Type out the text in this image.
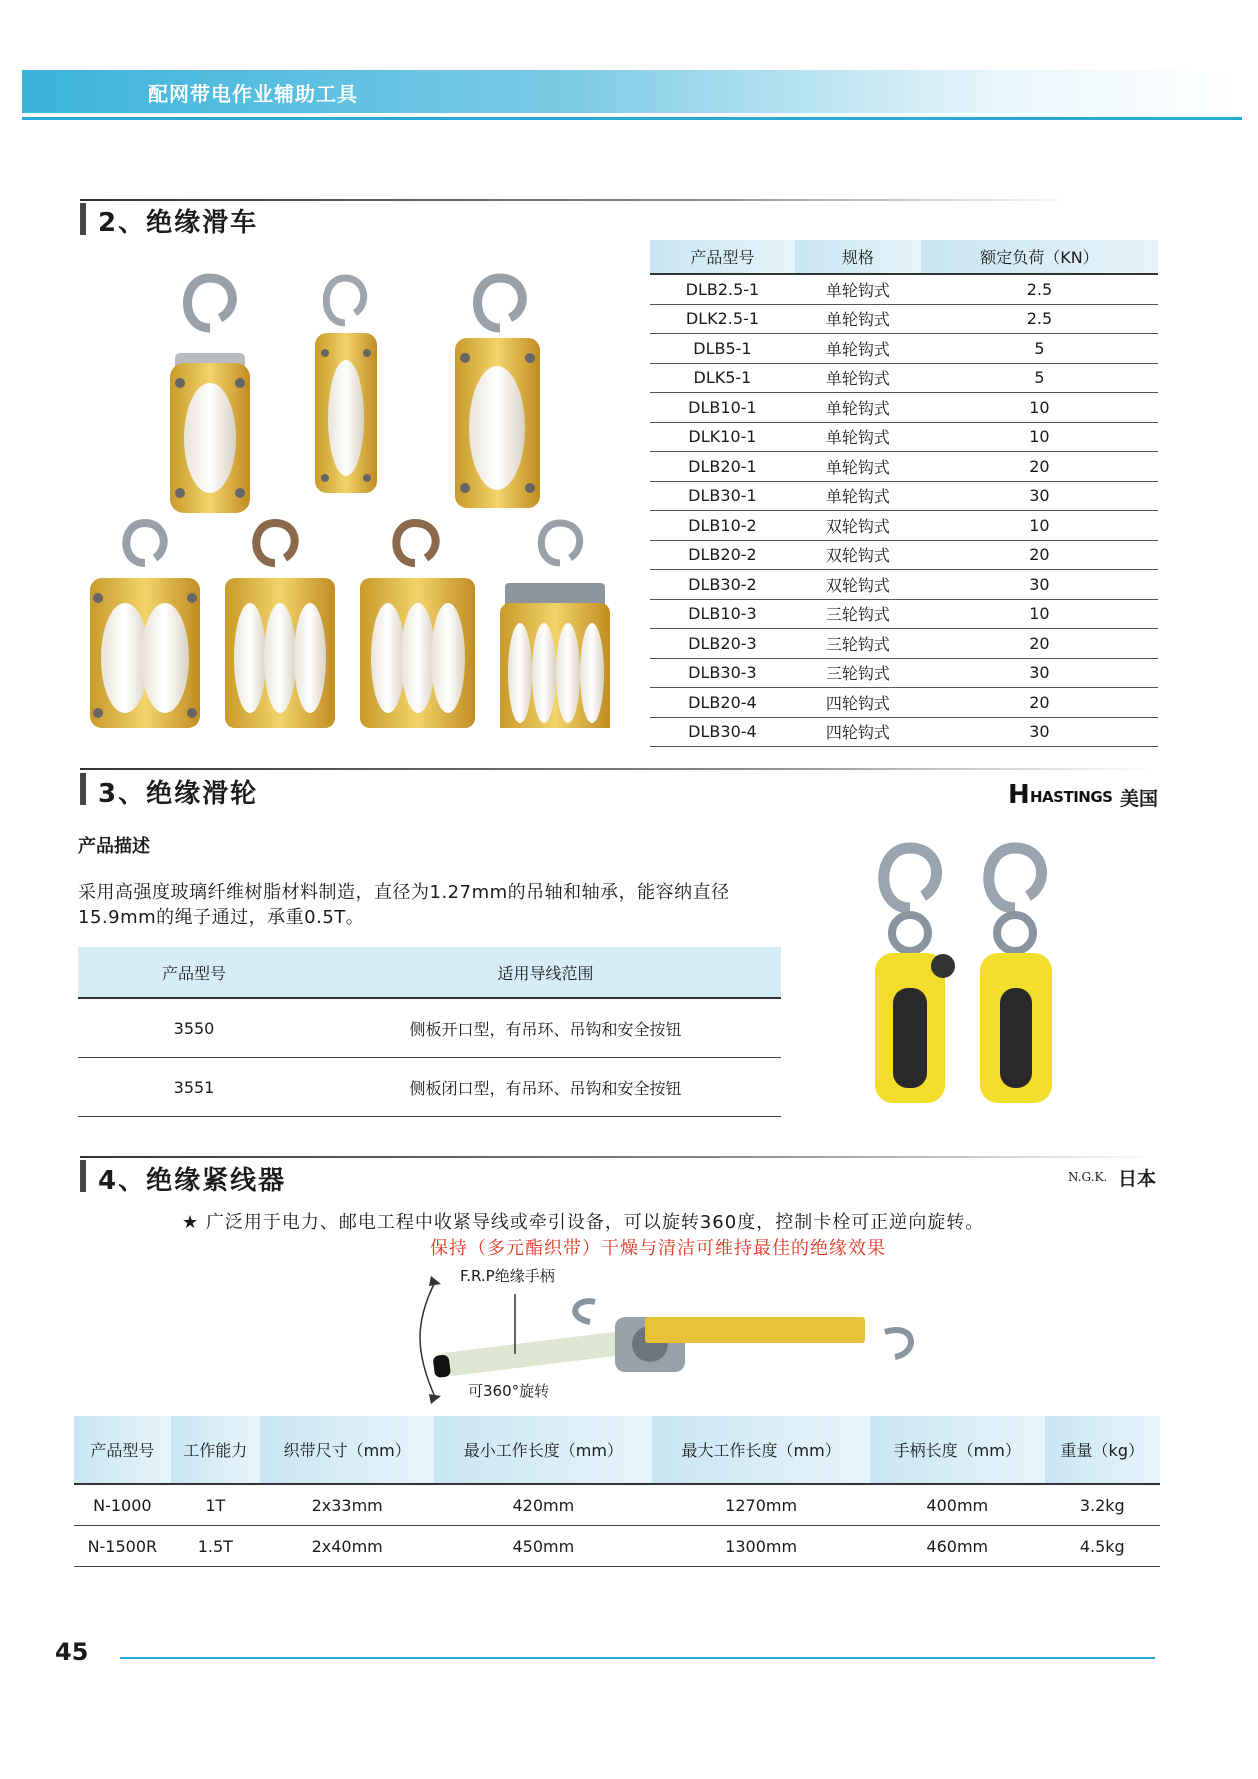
配网带电作业辅助工具
2、绝缘滑车
产品型号	规格	额定负荷（KN）
DLB2.5-1	单轮钩式	2.5
DLK2.5-1	单轮钩式	2.5
DLB5-1	单轮钩式	5
DLK5-1	单轮钩式	5
DLB10-1	单轮钩式	10
DLK10-1	单轮钩式	10
DLB20-1	单轮钩式	20
DLB30-1	单轮钩式	30
DLB10-2	双轮钩式	10
DLB20-2	双轮钩式	20
DLB30-2	双轮钩式	30
DLB10-3	三轮钩式	10
DLB20-3	三轮钩式	20
DLB30-3	三轮钩式	30
DLB20-4	四轮钩式	20
DLB30-4	四轮钩式	30
3、绝缘滑轮	H HASTINGS 美国
产品描述
采用高强度玻璃纤维树脂材料制造，直径为1.27mm的吊轴和轴承，能容纳直径
15.9mm的绳子通过，承重0.5T。
产品型号	适用导线范围
3550	侧板开口型，有吊环、吊钩和安全按钮
3551	侧板闭口型，有吊环、吊钩和安全按钮
4、绝缘紧线器	N.G.K. 日本
★ 广泛用于电力、邮电工程中收紧导线或牵引设备，可以旋转360度，控制卡栓可正逆向旋转。
保持（多元酯织带）干燥与清洁可维持最佳的绝缘效果
F.R.P绝缘手柄
可360°旋转
产品型号	工作能力	织带尺寸（mm）	最小工作长度（mm）	最大工作长度（mm）	手柄长度（mm）	重量（kg）
N-1000	1T	2x33mm	420mm	1270mm	400mm	3.2kg
N-1500R	1.5T	2x40mm	450mm	1300mm	460mm	4.5kg
45
